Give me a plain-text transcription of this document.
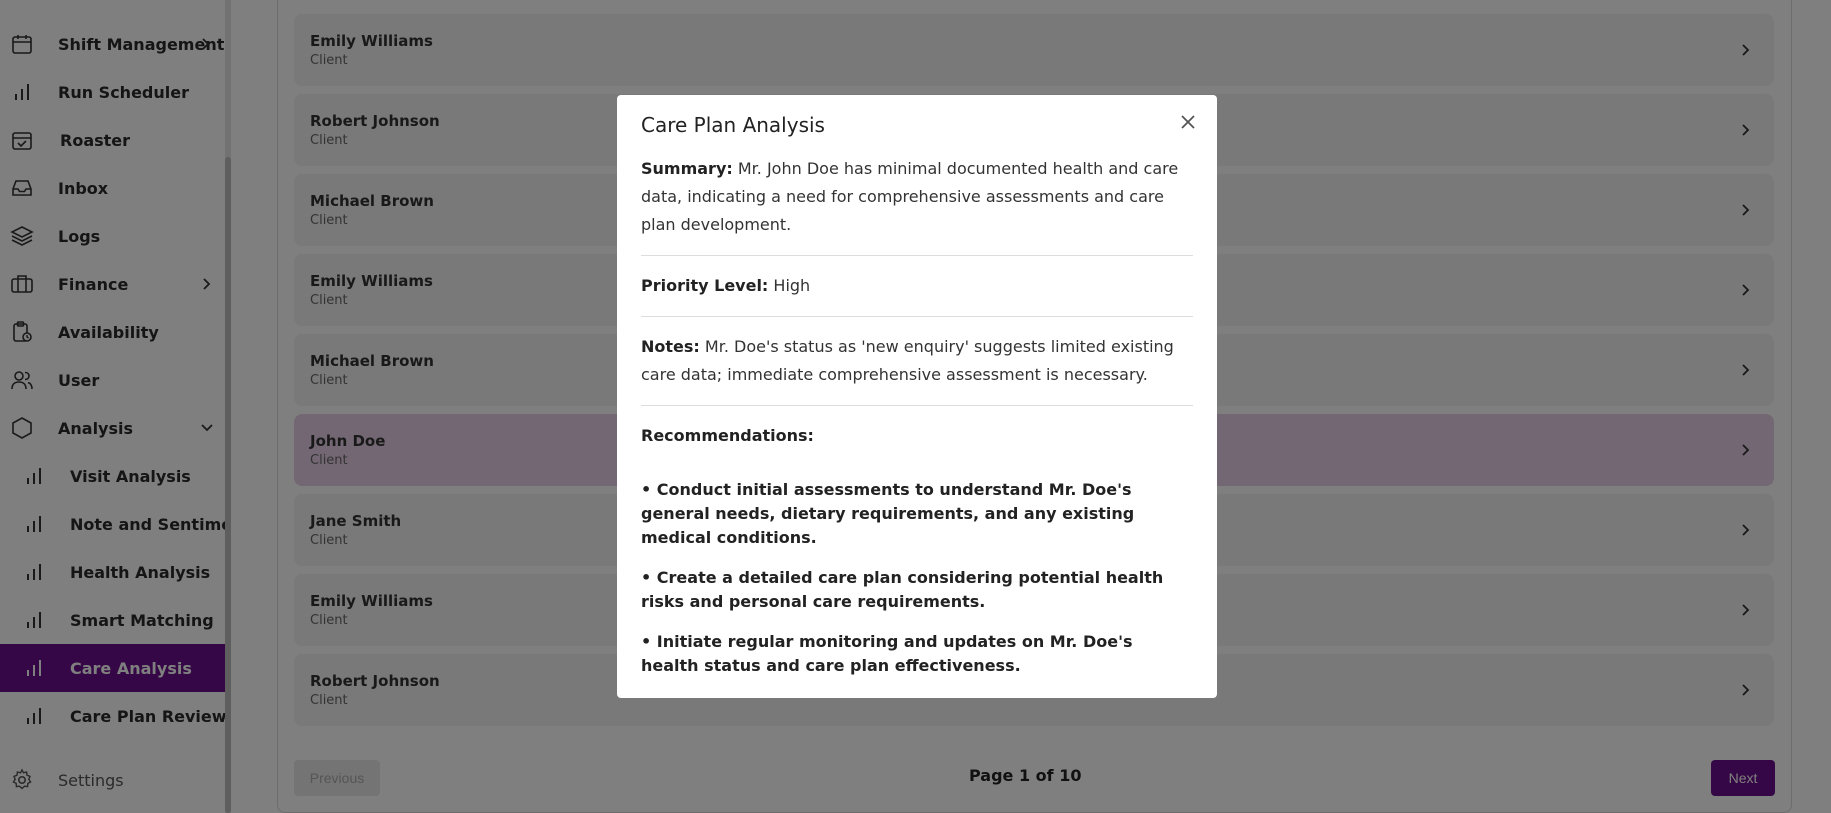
Care Plan Analysis
Summary: Mr. John Doe has minimal documented health and care data, indicating a need for comprehensive assessments and care plan development.
Priority Level: High
Notes: Mr. Doe's status as 'new enquiry' suggests limited existing care data; immediate comprehensive assessment is necessary.
Recommendations:
• Conduct initial assessments to understand Mr. Doe's general needs, dietary requirements, and any existing medical conditions.
• Create a detailed care plan considering potential health risks and personal care requirements.
• Initiate regular monitoring and updates on Mr. Doe's health status and care plan effectiveness.
